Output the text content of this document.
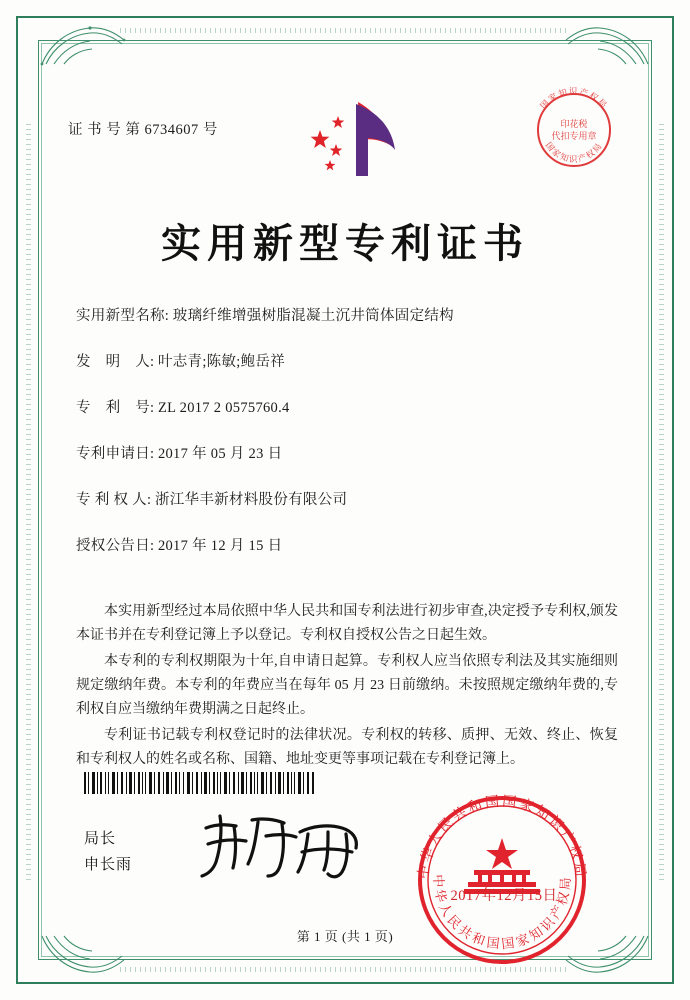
证 书 号 第 6734607 号
国家知识产权局
国家知识产权局
印花税
代扣专用章
实用新型专利证书
实用新型名称: 玻璃纤维增强树脂混凝土沉井筒体固定结构
发　明　人: 叶志青;陈敏;鲍岳祥
专　利　号: ZL 2017 2 0575760.4
专利申请日: 2017 年 05 月 23 日
专 利 权 人: 浙江华丰新材料股份有限公司
授权公告日: 2017 年 12 月 15 日

本实用新型经过本局依照中华人民共和国专利法进行初步审查,决定授予专利权,颁发本证书并在专利登记簿上予以登记。专利权自授权公告之日起生效。

本专利的专利权期限为十年,自申请日起算。专利权人应当依照专利法及其实施细则规定缴纳年费。本专利的年费应当在每年 05 月 23 日前缴纳。未按照规定缴纳年费的,专利权自应当缴纳年费期满之日起终止。

专利证书记载专利权登记时的法律状况。专利权的转移、质押、无效、终止、恢复和专利权人的姓名或名称、国籍、地址变更等事项记载在专利登记簿上。

局长
申长雨	中华人民共和国国家知识产权局
中华人民共和国国家知识产权局
2017年12月15日
第 1 页 (共 1 页)
